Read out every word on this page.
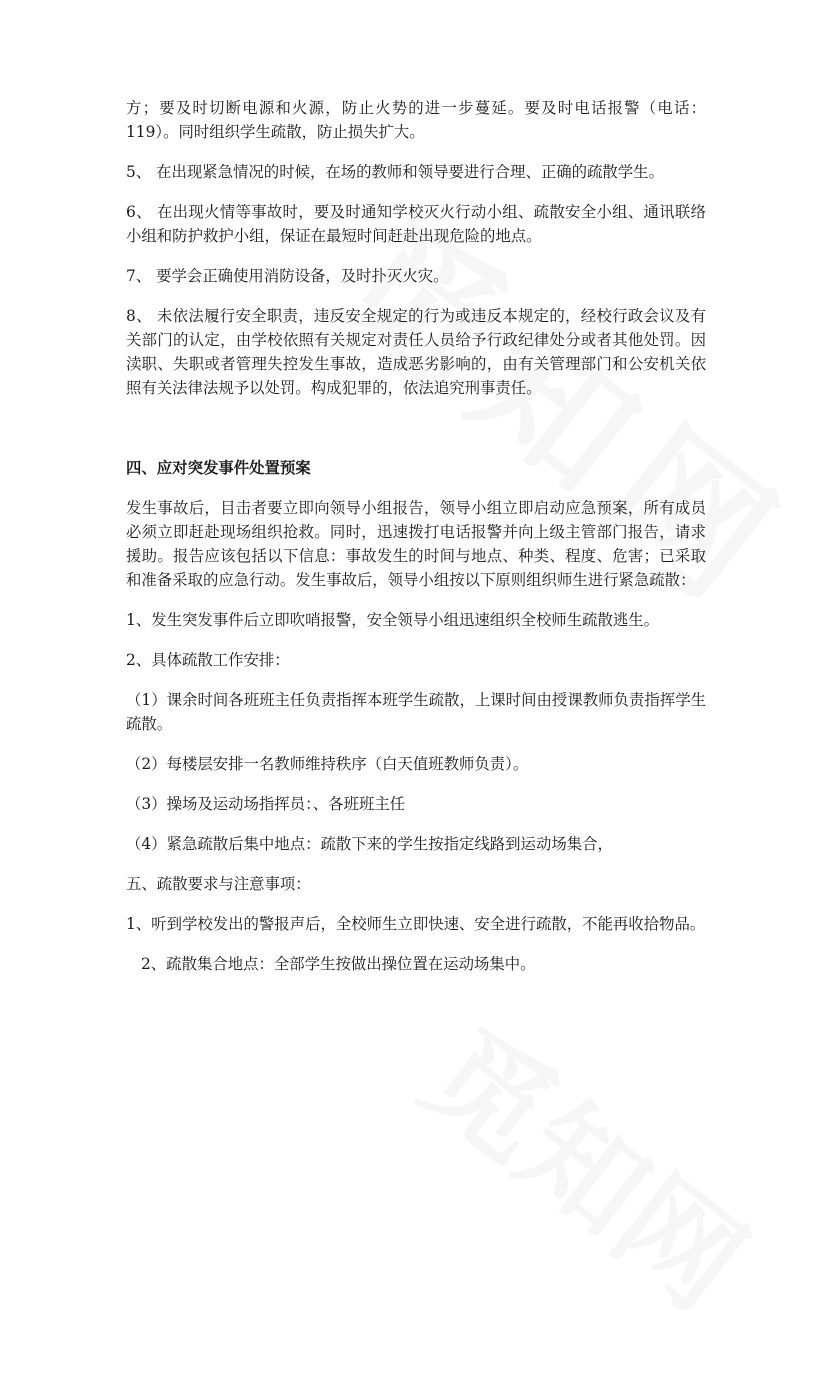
方；要及时切断电源和火源，防止火势的进一步蔓延。要及时电话报警（电话：119）。同时组织学生疏散，防止损失扩大。

5、 在出现紧急情况的时候，在场的教师和领导要进行合理、正确的疏散学生。

6、 在出现火情等事故时，要及时通知学校灭火行动小组、疏散安全小组、通讯联络小组和防护救护小组，保证在最短时间赶赴出现危险的地点。

7、 要学会正确使用消防设备，及时扑灭火灾。

8、 未依法履行安全职责，违反安全规定的行为或违反本规定的，经校行政会议及有关部门的认定，由学校依照有关规定对责任人员给予行政纪律处分或者其他处罚。因渎职、失职或者管理失控发生事故，造成恶劣影响的，由有关管理部门和公安机关依照有关法律法规予以处罚。构成犯罪的，依法追究刑事责任。

四、应对突发事件处置预案

发生事故后，目击者要立即向领导小组报告，领导小组立即启动应急预案，所有成员必须立即赶赴现场组织抢救。同时，迅速拨打电话报警并向上级主管部门报告，请求援助。报告应该包括以下信息：事故发生的时间与地点、种类、程度、危害；已采取和准备采取的应急行动。发生事故后，领导小组按以下原则组织师生进行紧急疏散：

1、发生突发事件后立即吹哨报警，安全领导小组迅速组织全校师生疏散逃生。

2、具体疏散工作安排：

（1）课余时间各班班主任负责指挥本班学生疏散，上课时间由授课教师负责指挥学生疏散。

（2）每楼层安排一名教师维持秩序（白天值班教师负责）。

（3）操场及运动场指挥员：、各班班主任

（4）紧急疏散后集中地点：疏散下来的学生按指定线路到运动场集合，

五、疏散要求与注意事项：

1、听到学校发出的警报声后，全校师生立即快速、安全进行疏散，不能再收拾物品。

2、疏散集合地点：全部学生按做出操位置在运动场集中。
